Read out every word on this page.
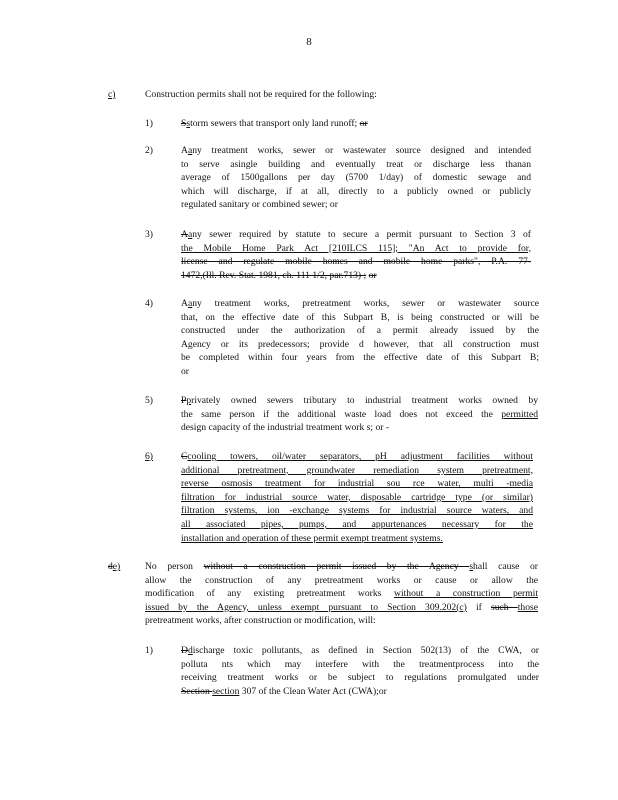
8
c)	Construction permits shall not be required for the following:
1)	Sstorm sewers that transport only land runoff; or
2)	Aany treatment works, sewer or wastewater source designed and intended
to serve asingle building and eventually treat or discharge less thanan
average of 1500gallons per day (5700 1/day) of domestic sewage and
which will discharge, if at all, directly to a publicly owned or publicly
regulated sanitary or combined sewer; or
3)	Aany sewer required by statute to secure a permit pursuant to Section 3 of
the Mobile Home Park Act [210ILCS 115]; "An Act to provide for,
license and regulate mobile homes and mobile home parks", P.A. 77-
1472,(Ill. Rev. Stat. 1981, ch. 111 1/2, par.713) ; or
4)	Aany treatment works, pretreatment works, sewer or wastewater source
that, on the effective date of this Subpart B, is being constructed or will be
constructed under the authorization of a permit already issued by the
Agency or its predecessors; provide d however, that all construction must
be completed within four years from the effective date of this Subpart B;
or
5)	Pprivately owned sewers tributary to industrial treatment works owned by
the same person if the additional waste load does not exceed the permitted
design capacity of the industrial treatment work s; or -
6)	Ccooling towers, oil/water separators, pH adjustment facilities without
additional pretreatment, groundwater remediation system pretreatment,
reverse osmosis treatment for industrial sou rce water, multi -media
filtration for industrial source water, disposable cartridge type (or similar)
filtration systems, ion -exchange systems for industrial source waters, and
all associated pipes, pumps, and appurtenances necessary for the
installation and operation of these permit exempt treatment systems.
de)	No person without a construction permit issued by the Agency shall cause or
allow the construction of any pretreatment works or cause or allow the
modification of any existing pretreatment works without a construction permit
issued by the Agency, unless exempt pursuant to Section 309.202(c) if such those
pretreatment works, after construction or modification, will:
1)	Ddischarge toxic pollutants, as defined in Section 502(13) of the CWA, or
polluta nts which may interfere with the treatmentprocess into the
receiving treatment works or be subject to regulations promulgated under
Section section 307 of the Clean Water Act (CWA);or
